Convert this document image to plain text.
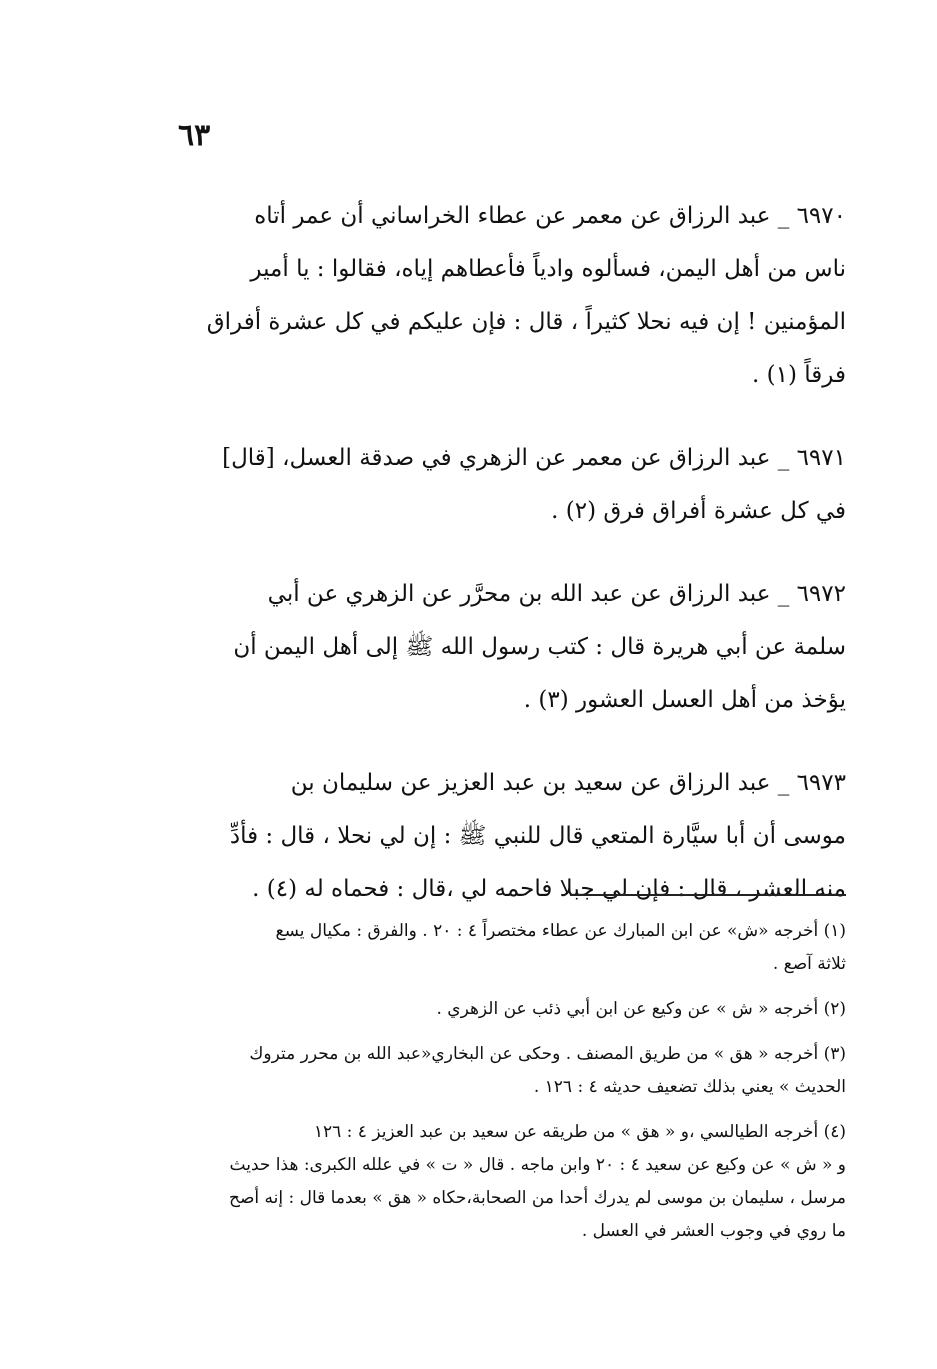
٦٣

٦٩٧٠ _ عبد الرزاق عن معمر عن عطاء الخراساني أن عمر أتاه

ناس من أهل اليمن، فسألوه وادياً فأعطاهم إياه، فقالوا : يا أمير

المؤمنين ! إن فيه نحلا كثيراً ، قال : فإن عليكم في كل عشرة أفراق

فرقاً (١) .

٦٩٧١ _ عبد الرزاق عن معمر عن الزهري في صدقة العسل، [قال]

في كل عشرة أفراق فرق (٢) .

٦٩٧٢ _ عبد الرزاق عن عبد الله بن محرَّر عن الزهري عن أبي

سلمة عن أبي هريرة قال : كتب رسول الله ﷺ إلى أهل اليمن أن

يؤخذ من أهل العسل العشور (٣) .

٦٩٧٣ _ عبد الرزاق عن سعيد بن عبد العزيز عن سليمان بن

موسى أن أبا سيَّارة المتعي قال للنبي ﷺ : إن لي نحلا ، قال : فأدِّ

منه العشر ، قال : فإن لي جبلا فاحمه لي ،قال : فحماه له (٤) .

(١) أخرجه «ش» عن ابن المبارك عن عطاء مختصراً ٤ : ٢٠ . والفرق : مكيال يسع

ثلاثة آصع .

(٢) أخرجه « ش » عن وكيع عن ابن أبي ذئب عن الزهري .

(٣) أخرجه « هق » من طريق المصنف . وحكى عن البخاري«عبد الله بن محرر متروك

الحديث » يعني بذلك تضعيف حديثه ٤ : ١٢٦ .

(٤) أخرجه الطيالسي ،و « هق » من طريقه عن سعيد بن عبد العزيز ٤ : ١٢٦

و « ش » عن وكيع عن سعيد ٤ : ٢٠ وابن ماجه . قال « ت » في علله الكبرى: هذا حديث

مرسل ، سليمان بن موسى لم يدرك أحدا من الصحابة،حكاه « هق » بعدما قال : إنه أصح

ما روي في وجوب العشر في العسل .
